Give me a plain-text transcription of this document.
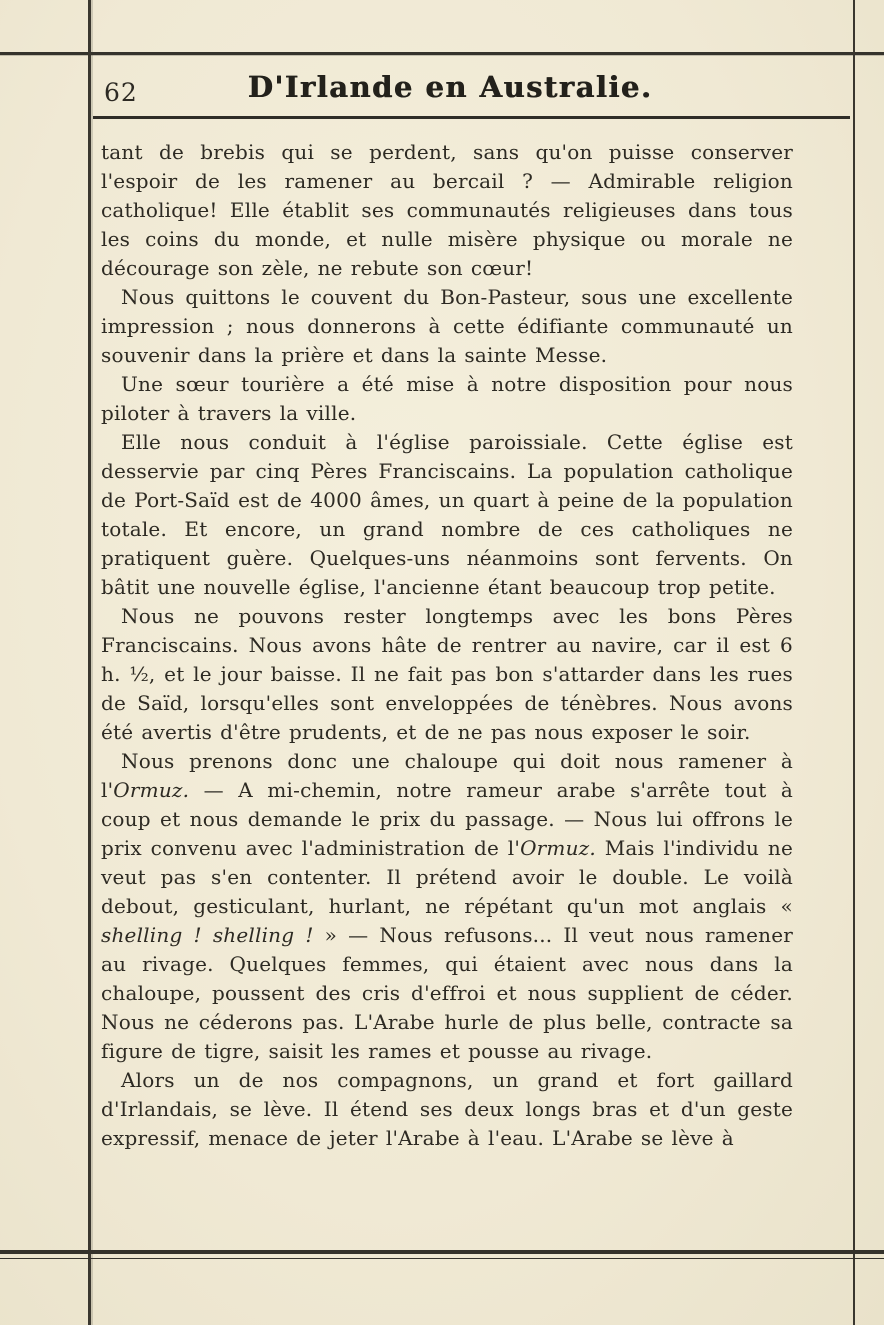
62	D'Irlande en Australie.

tant de brebis qui se perdent, sans qu'on puisse conserver l'espoir de les ramener au bercail ? — Admirable religion catholique! Elle établit ses communautés religieuses dans tous les coins du monde, et nulle misère physique ou morale ne décourage son zèle, ne rebute son cœur!

Nous quittons le couvent du Bon-Pasteur, sous une excellente impression ; nous donnerons à cette édifiante communauté un souvenir dans la prière et dans la sainte Messe.

Une sœur tourière a été mise à notre disposition pour nous piloter à travers la ville.

Elle nous conduit à l'église paroissiale. Cette église est desservie par cinq Pères Franciscains. La population catholique de Port-Saïd est de 4000 âmes, un quart à peine de la population totale. Et encore, un grand nombre de ces catholiques ne pratiquent guère. Quelques-uns néanmoins sont fervents. On bâtit une nouvelle église, l'ancienne étant beaucoup trop petite.

Nous ne pouvons rester longtemps avec les bons Pères Franciscains. Nous avons hâte de rentrer au navire, car il est 6 h. ½, et le jour baisse. Il ne fait pas bon s'attarder dans les rues de Saïd, lorsqu'elles sont enveloppées de ténèbres. Nous avons été avertis d'être prudents, et de ne pas nous exposer le soir.

Nous prenons donc une chaloupe qui doit nous ramener à l'Ormuz. — A mi-chemin, notre rameur arabe s'arrête tout à coup et nous demande le prix du passage. — Nous lui offrons le prix convenu avec l'administration de l'Ormuz. Mais l'individu ne veut pas s'en contenter. Il prétend avoir le double. Le voilà debout, gesticulant, hurlant, ne répétant qu'un mot anglais « shelling ! shelling ! » — Nous refusons... Il veut nous ramener au rivage. Quelques femmes, qui étaient avec nous dans la chaloupe, poussent des cris d'effroi et nous supplient de céder. Nous ne céderons pas. L'Arabe hurle de plus belle, contracte sa figure de tigre, saisit les rames et pousse au rivage.

Alors un de nos compagnons, un grand et fort gaillard d'Irlandais, se lève. Il étend ses deux longs bras et d'un geste expressif, menace de jeter l'Arabe à l'eau. L'Arabe se lève à
